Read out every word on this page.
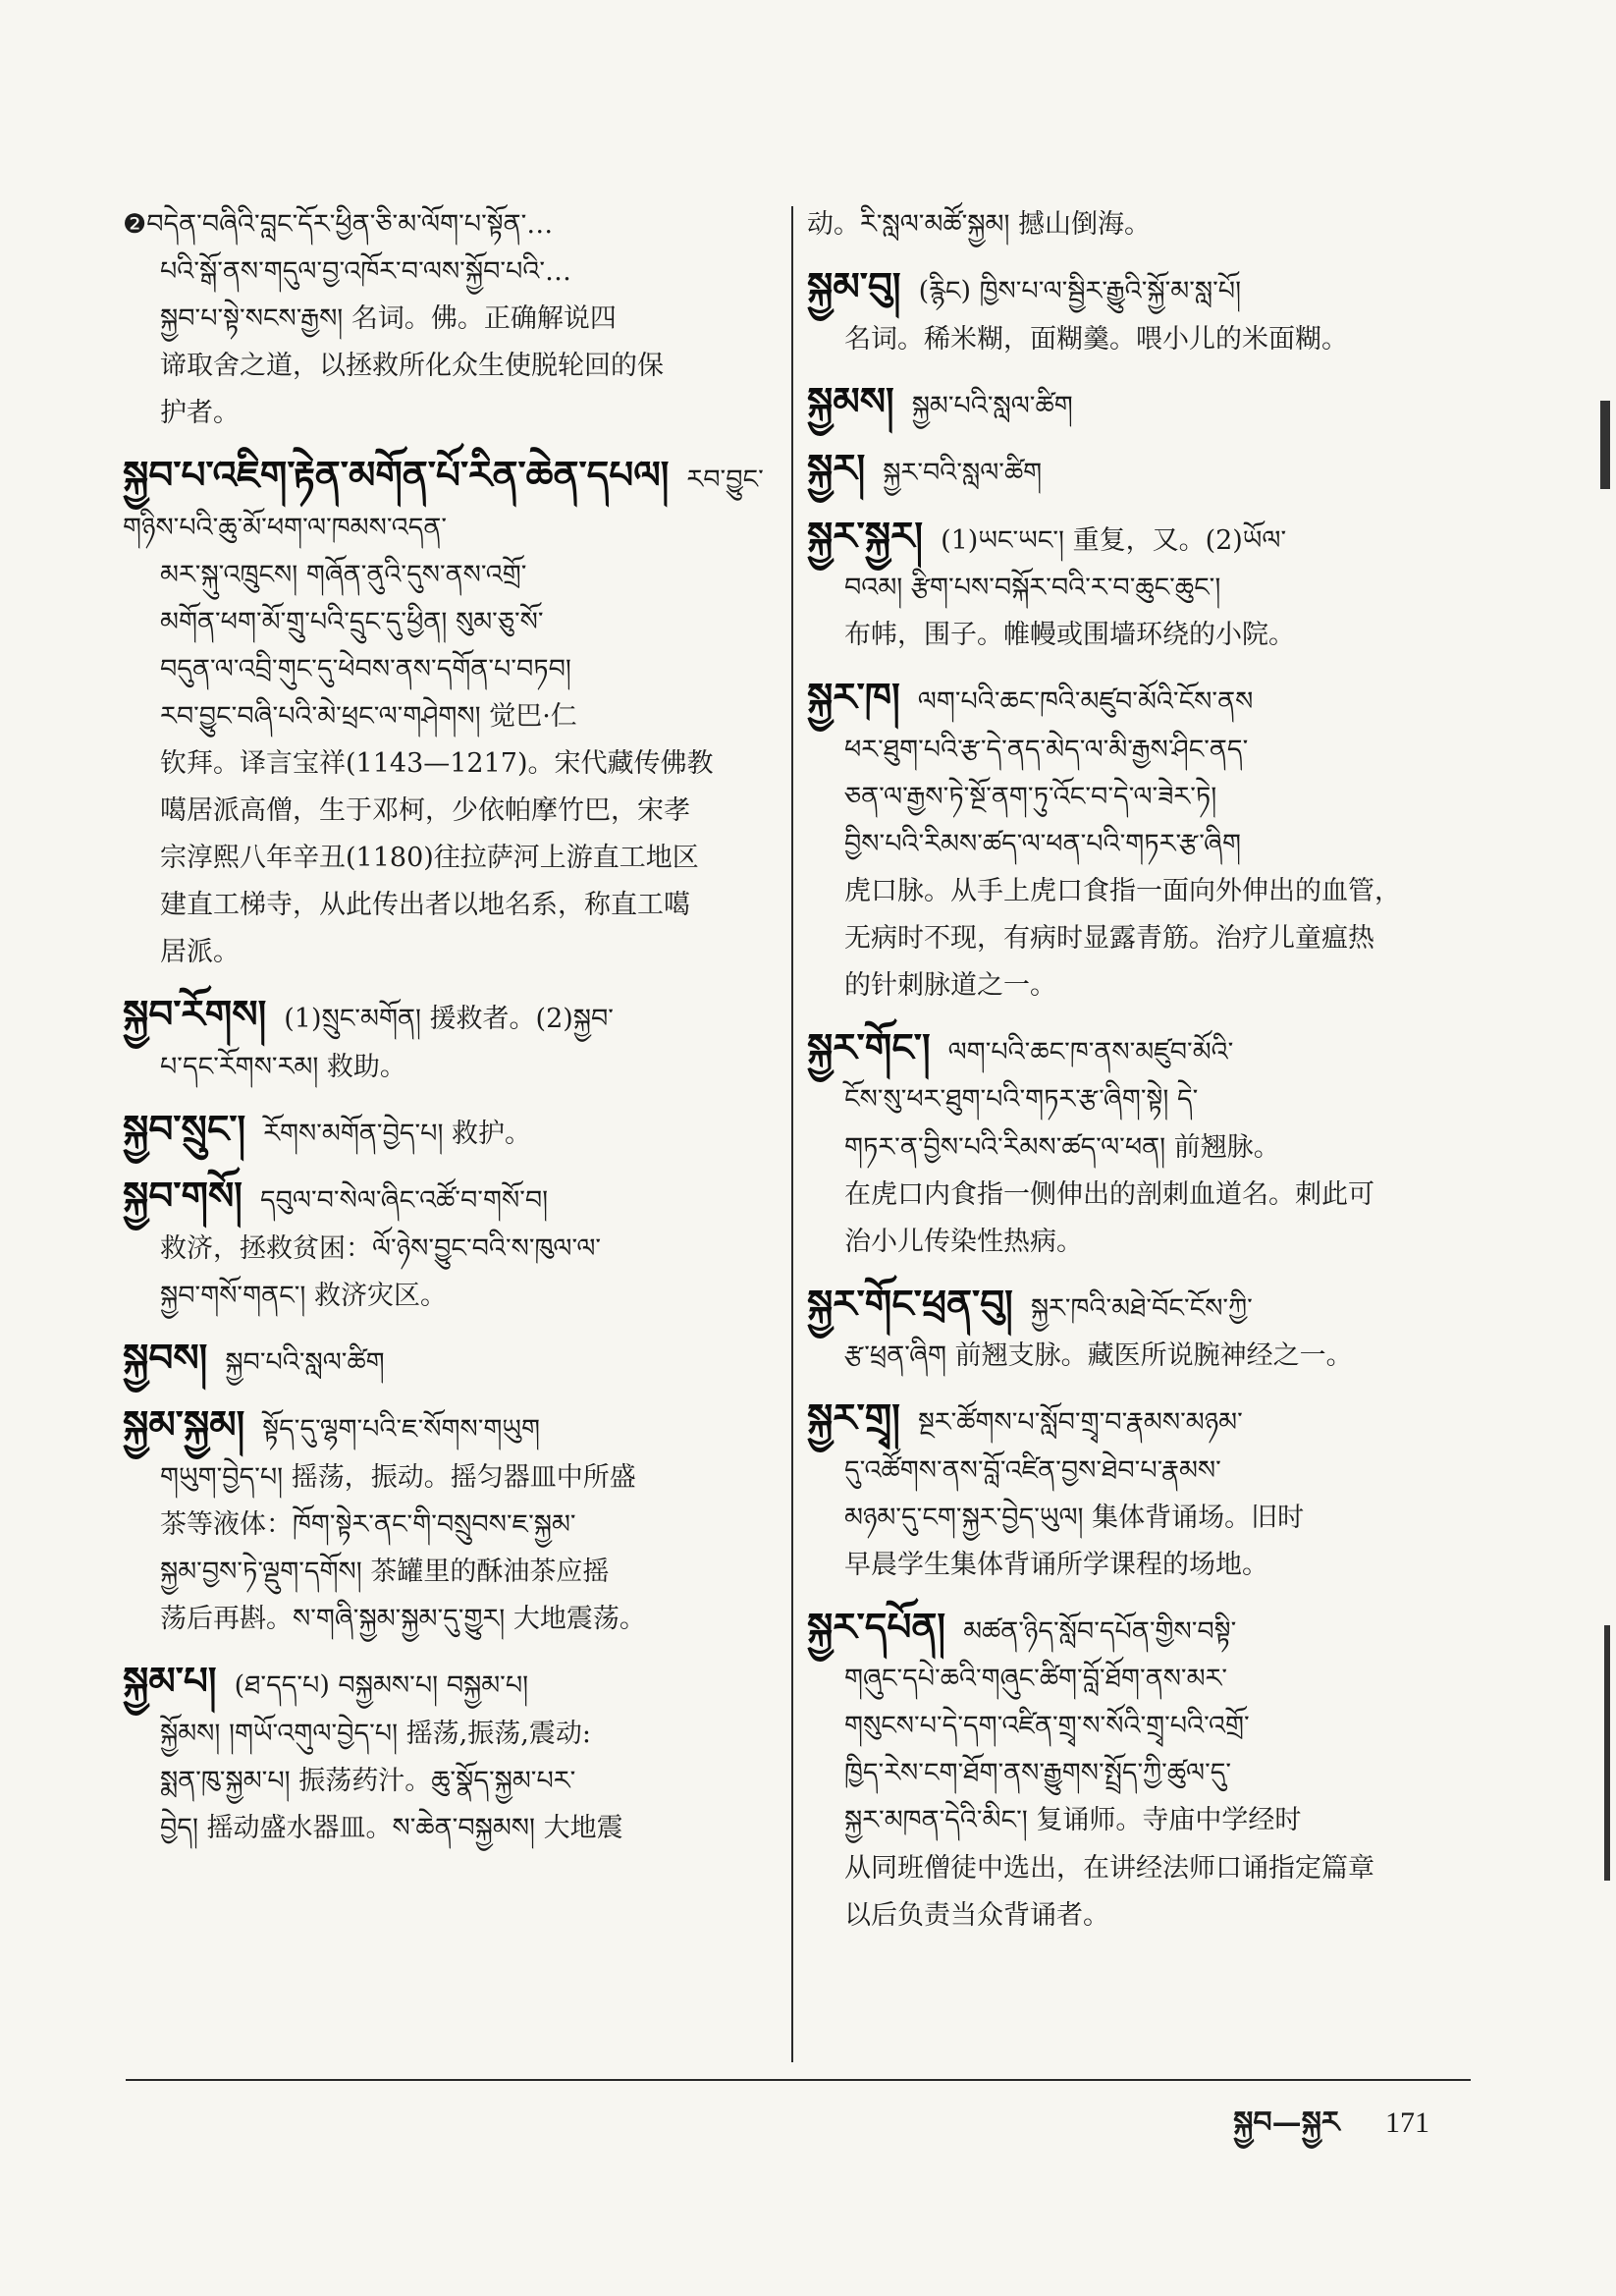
❷བདེན་བཞིའི་བླང་དོར་ཕྱིན་ཅི་མ་ལོག་པ་སྟོན་…
པའི་སྒོ་ནས་གདུལ་བྱ་འཁོར་བ་ལས་སྐྱོབ་པའི་…
སྐྱབ་པ་སྟེ་སངས་རྒྱས། 名词。佛。正确解说四
谛取舍之道，以拯救所化众生使脱轮回的保
护者。
སྐྱབ་པ་འཇིག་རྟེན་མགོན་པོ་རིན་ཆེན་དཔལ། རབ་བྱུང་གཉིས་པའི་ཆུ་མོ་ཕག་ལ་ཁམས་འདན་
མར་སྐུ་འཁྲུངས། གཞོན་ནུའི་དུས་ནས་འགྲོ་
མགོན་ཕག་མོ་གྲུ་པའི་དྲུང་དུ་ཕྱིན། སུམ་ཅུ་སོ་
བདུན་ལ་འབྲི་གུང་དུ་ཕེབས་ནས་དགོན་པ་བཏབ།
རབ་བྱུང་བཞི་པའི་མེ་ཕྲང་ལ་གཤེགས། 觉巴·仁
钦拜。译言宝祥(1143—1217)。宋代藏传佛教
噶居派高僧，生于邓柯，少依帕摩竹巴，宋孝
宗淳熙八年辛丑(1180)往拉萨河上游直工地区
建直工梯寺，从此传出者以地名系，称直工噶
居派。
སྐྱབ་རོགས། (1)སྲུང་མགོན། 援救者。(2)སྐྱབ་
པ་དང་རོགས་རམ། 救助。
སྐྱབ་སྲུང་། རོགས་མགོན་བྱེད་པ། 救护。
སྐྱབ་གསོ། དབུལ་བ་སེལ་ཞིང་འཚོ་བ་གསོ་བ།
救济，拯救贫困：ལོ་ཉེས་བྱུང་བའི་ས་ཁུལ་ལ་
སྐྱབ་གསོ་གནང་། 救济灾区。
སྐྱབས། སྐྱབ་པའི་སླལ་ཚིག
སྐྱམ་སྐྱམ། སྟོད་དུ་ལྷག་པའི་ཇ་སོགས་གཡུག
གཡུག་བྱེད་པ། 摇荡，振动。摇匀器皿中所盛
茶等液体：ཁོག་སྟེར་ནང་གི་བསྲུབས་ཇ་སྐྱམ་
སྐྱམ་བྱས་ཏེ་ལྡུག་དགོས། 茶罐里的酥油茶应摇
荡后再斟。ས་གཞི་སྐྱམ་སྐྱམ་དུ་གྱུར། 大地震荡。
སྐྱམ་པ། (ཐ་དད་པ) བསྐྱམས་པ། བསྐྱམ་པ།
སྐྱོམས། །གཡོ་འགུལ་བྱེད་པ། 摇荡,振荡,震动:
སྨན་ཁུ་སྐྱམ་པ། 振荡药汁。ཆུ་སྣོད་སྐྱམ་པར་
བྱེད། 摇动盛水器皿。ས་ཆེན་བསྐྱམས། 大地震
动。རི་སླལ་མཚོ་སྐྱམ། 撼山倒海。
སྐྱམ་བུ། (རྙིང) ཁྱིས་པ་ལ་སྦྱིར་རྒྱུའི་སྐྱོ་མ་སླ་པོ།
名词。稀米糊，面糊羹。喂小儿的米面糊。
སྐྱམས། སྐྱམ་པའི་སླལ་ཚིག
སྐྱར། སྐྱར་བའི་སླལ་ཚིག
སྐྱར་སྐྱར། (1)ཡང་ཡང་། 重复，又。(2)ཡོལ་
བའམ། རྩིག་པས་བསྐོར་བའི་ར་བ་ཆུང་ཆུང་།
布帏，围子。帷幔或围墙环绕的小院。
སྐྱར་ཁ། ལག་པའི་ཆང་ཁའི་མཛུབ་མོའི་ངོས་ནས
ཕར་ཐུག་པའི་རྩ་དེ་ནད་མེད་ལ་མི་རྒྱས་ཤིང་ནད་
ཅན་ལ་རྒྱས་ཏེ་སྔོ་ནག་ཏུ་འོང་བ་དེ་ལ་ཟེར་ཏེ།
བྱིས་པའི་རིམས་ཚད་ལ་ཕན་པའི་གཏར་རྩ་ཞིག
虎口脉。从手上虎口食指一面向外伸出的血管，
无病时不现，有病时显露青筋。治疗儿童瘟热
的针刺脉道之一。
སྐྱར་གོང་། ལག་པའི་ཆང་ཁ་ནས་མཛུབ་མོའི་
ངོས་སུ་ཕར་ཐུག་པའི་གཏར་རྩ་ཞིག་སྟེ། དེ་
གཏར་ན་བྱིས་པའི་རིམས་ཚད་ལ་ཕན། 前翘脉。
在虎口内食指一侧伸出的剖刺血道名。刺此可
治小儿传染性热病。
སྐྱར་གོང་ཕྲན་བུ། སྐྱར་ཁའི་མཐེ་བོང་ངོས་ཀྱི་
རྩ་ཕྲན་ཞིག 前翘支脉。藏医所说腕神经之一。
སྐྱར་གྲྭ། སྔར་ཚོགས་པ་སློབ་གྲྭ་བ་རྣམས་མཉམ་
དུ་འཚོགས་ནས་བློ་འཛིན་བྱས་ཐེབ་པ་རྣམས་
མཉམ་དུ་ངག་སྐྱར་བྱེད་ཡུལ། 集体背诵场。旧时
早晨学生集体背诵所学课程的场地。
སྐྱར་དཔོན། མཚན་ཉིད་སློབ་དཔོན་གྱིས་བསྟི་
གཞུང་དཔེ་ཆའི་གཞུང་ཚིག་བློ་ཐོག་ནས་མར་
གསུངས་པ་དེ་དག་འཛིན་གྲྭ་ས་སོའི་གྲྭ་པའི་འགྲོ་
ཁྱིད་རེས་ངག་ཐོག་ནས་རྒྱུགས་སྤྲོད་ཀྱི་ཚུལ་དུ་
སྐྱར་མཁན་དེའི་མིང་། 复诵师。寺庙中学经时
从同班僧徒中选出，在讲经法师口诵指定篇章
以后负责当众背诵者。
སྐྱབ—སྐྱར 171
